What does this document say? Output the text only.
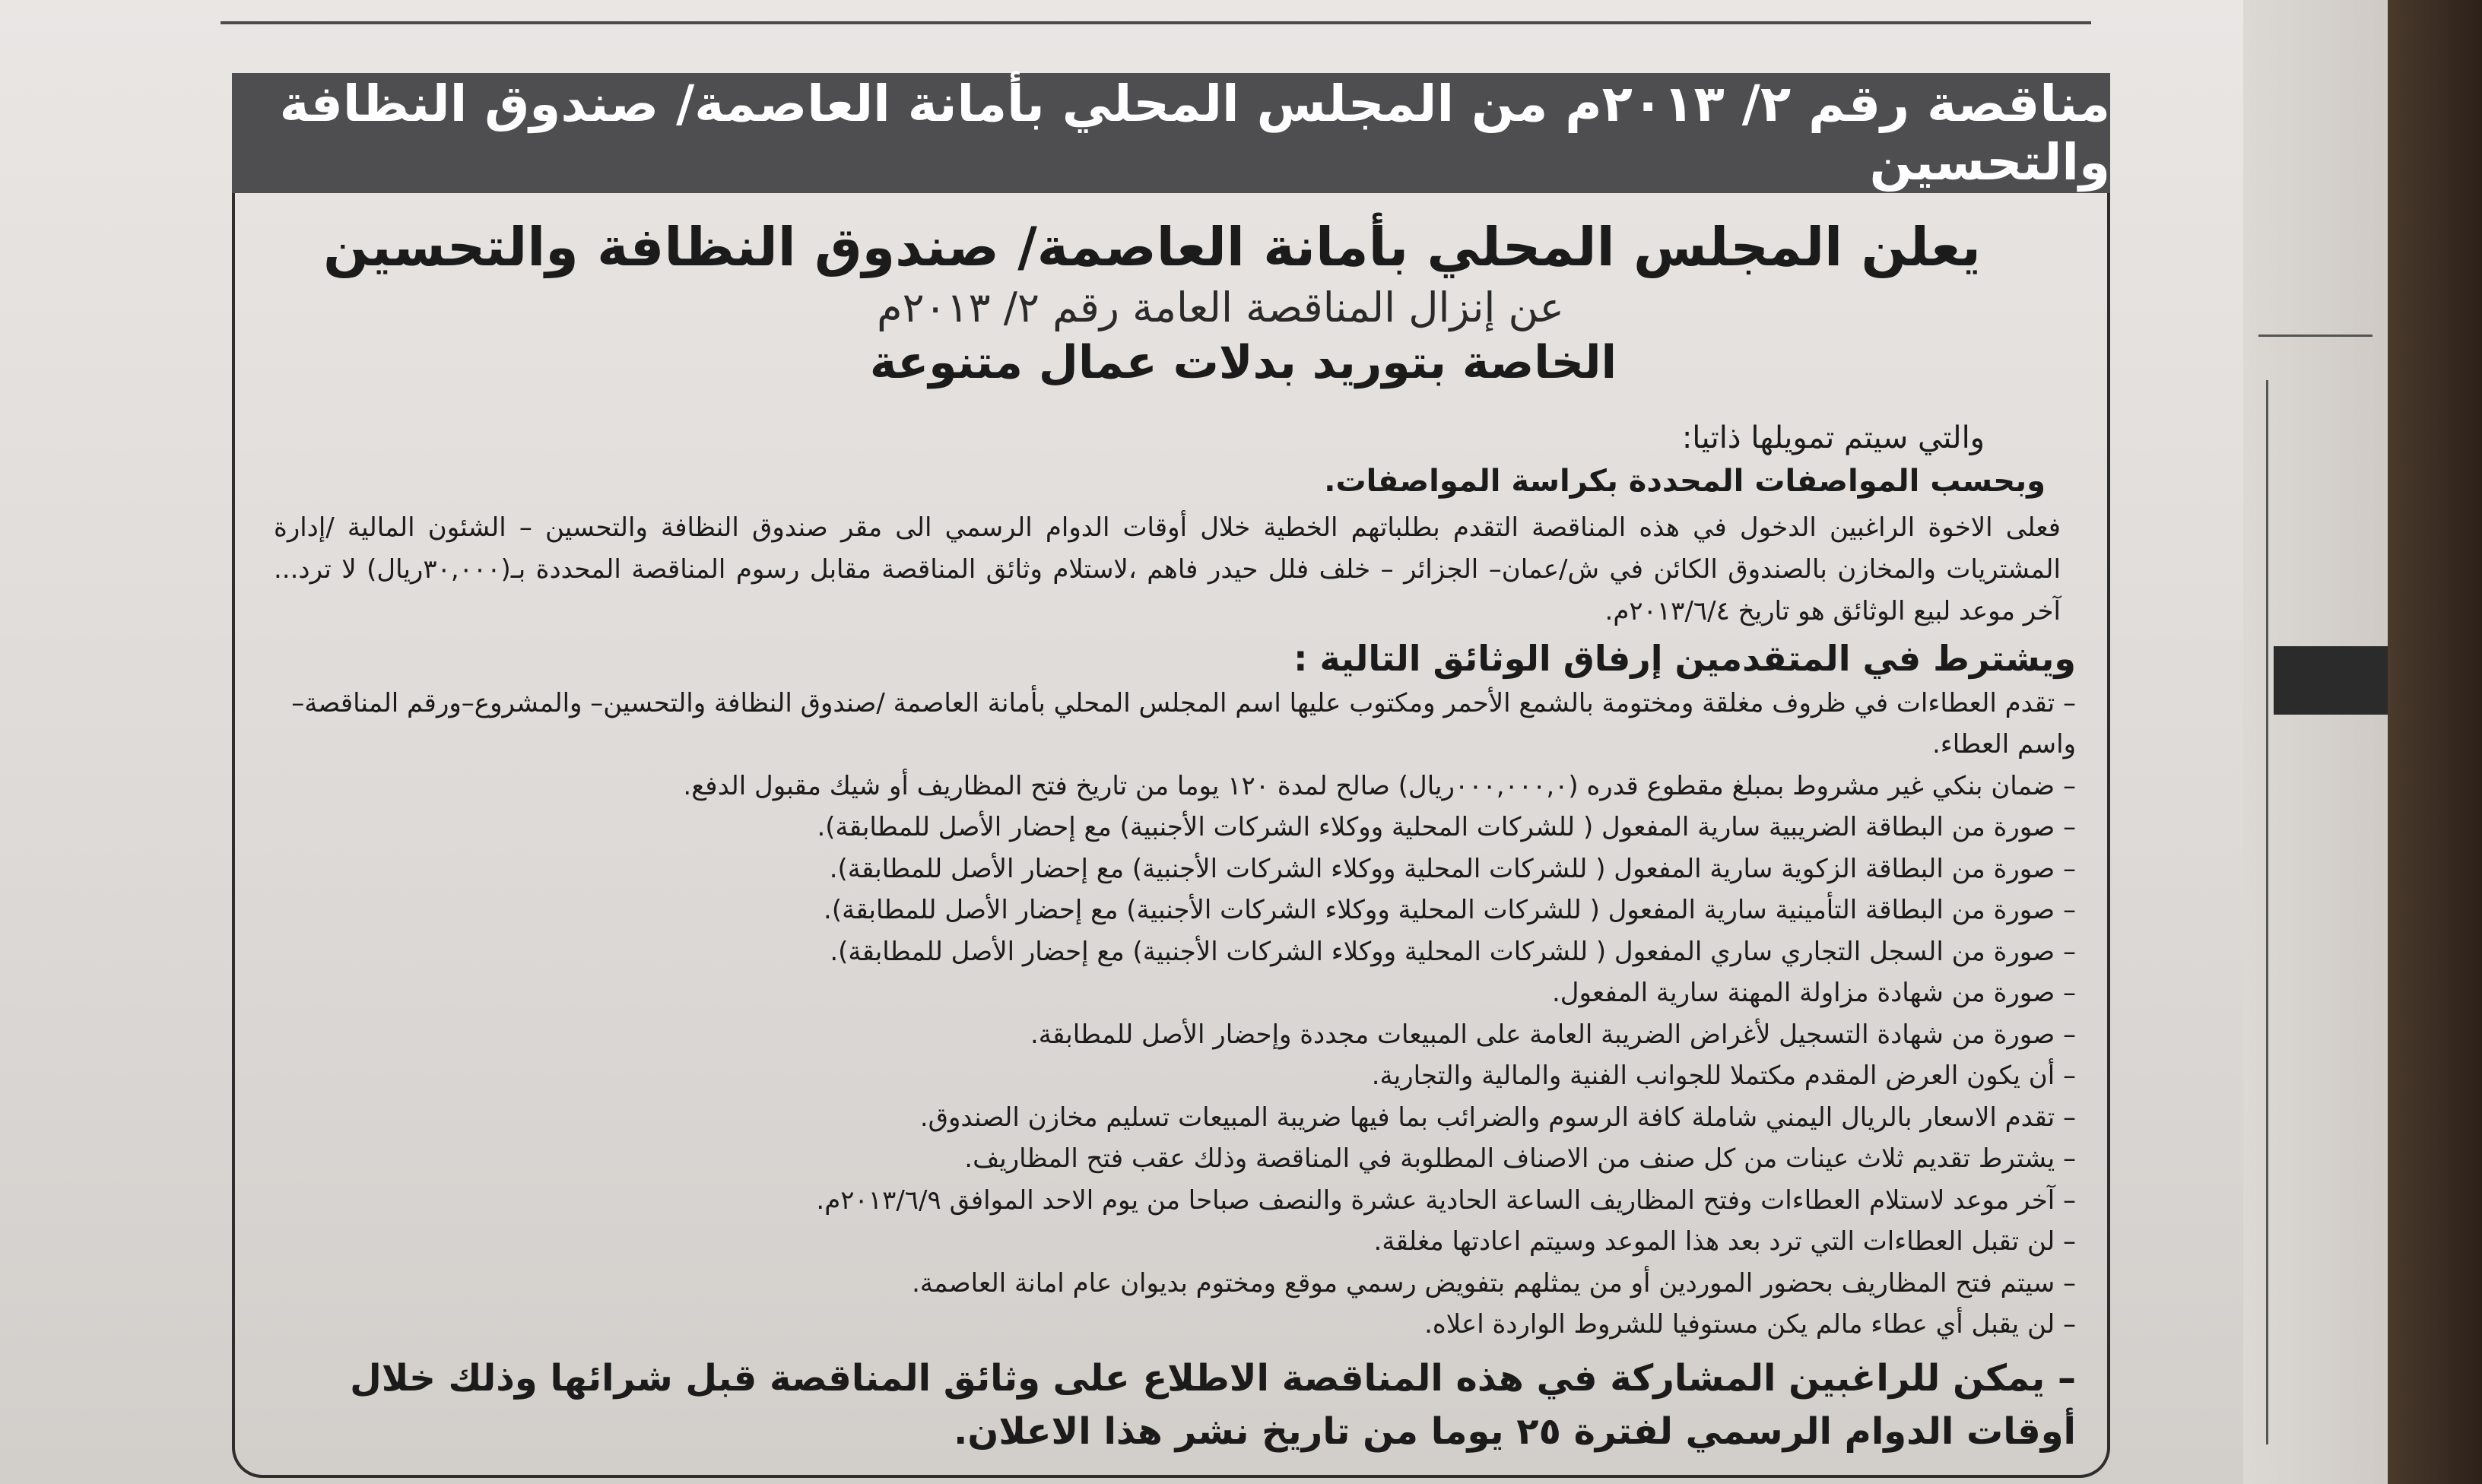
مناقصة رقم ٢/ ٢٠١٣م من المجلس المحلي بأمانة العاصمة/ صندوق النظافة والتحسين

يعلن المجلس المحلي بأمانة العاصمة/ صندوق النظافة والتحسين

عن إنزال المناقصة العامة رقم ٢/ ٢٠١٣م

الخاصة بتوريد بدلات عمال متنوعة

والتي سيتم تمويلها ذاتيا:

وبحسب المواصفات المحددة بكراسة المواصفات.

فعلى الاخوة الراغبين الدخول في هذه المناقصة التقدم بطلباتهم الخطية خلال أوقات الدوام الرسمي الى مقر صندوق النظافة والتحسين – الشئون المالية /إدارة المشتريات والمخازن بالصندوق الكائن في ش/عمان– الجزائر – خلف فلل حيدر فاهم ،لاستلام وثائق المناقصة مقابل رسوم المناقصة المحددة بـ(٣٠,٠٠٠ريال) لا ترد... آخر موعد لبيع الوثائق هو تاريخ ٢٠١٣/٦/٤م.

ويشترط في المتقدمين إرفاق الوثائق التالية :

– تقدم العطاءات في ظروف مغلقة ومختومة بالشمع الأحمر ومكتوب عليها اسم المجلس المحلي بأمانة العاصمة /صندوق النظافة والتحسين– والمشروع–ورقم المناقصة– واسم العطاء.
– ضمان بنكي غير مشروط بمبلغ مقطوع قدره (٠٠٠,٠٠٠,٠ريال) صالح لمدة ١٢٠ يوما من تاريخ فتح المظاريف أو شيك مقبول الدفع.
– صورة من البطاقة الضريبية سارية المفعول ( للشركات المحلية ووكلاء الشركات الأجنبية) مع إحضار الأصل للمطابقة).
– صورة من البطاقة الزكوية سارية المفعول ( للشركات المحلية ووكلاء الشركات الأجنبية) مع إحضار الأصل للمطابقة).
– صورة من البطاقة التأمينية سارية المفعول ( للشركات المحلية ووكلاء الشركات الأجنبية) مع إحضار الأصل للمطابقة).
– صورة من السجل التجاري ساري المفعول ( للشركات المحلية ووكلاء الشركات الأجنبية) مع إحضار الأصل للمطابقة).
– صورة من شهادة مزاولة المهنة سارية المفعول.
– صورة من شهادة التسجيل لأغراض الضريبة العامة على المبيعات مجددة وإحضار الأصل للمطابقة.
– أن يكون العرض المقدم مكتملا للجوانب الفنية والمالية والتجارية.
– تقدم الاسعار بالريال اليمني شاملة كافة الرسوم والضرائب بما فيها ضريبة المبيعات تسليم مخازن الصندوق.
– يشترط تقديم ثلاث عينات من كل صنف من الاصناف المطلوبة في المناقصة وذلك عقب فتح المظاريف.
– آخر موعد لاستلام العطاءات وفتح المظاريف الساعة الحادية عشرة والنصف صباحا من يوم الاحد الموافق ٢٠١٣/٦/٩م.
– لن تقبل العطاءات التي ترد بعد هذا الموعد وسيتم اعادتها مغلقة.
– سيتم فتح المظاريف بحضور الموردين أو من يمثلهم بتفويض رسمي موقع ومختوم بديوان عام امانة العاصمة.
– لن يقبل أي عطاء مالم يكن مستوفيا للشروط الواردة اعلاه.

– يمكن للراغبين المشاركة في هذه المناقصة الاطلاع على وثائق المناقصة قبل شرائها وذلك خلال أوقات الدوام الرسمي لفترة ٢٥ يوما من تاريخ نشر هذا الاعلان.
